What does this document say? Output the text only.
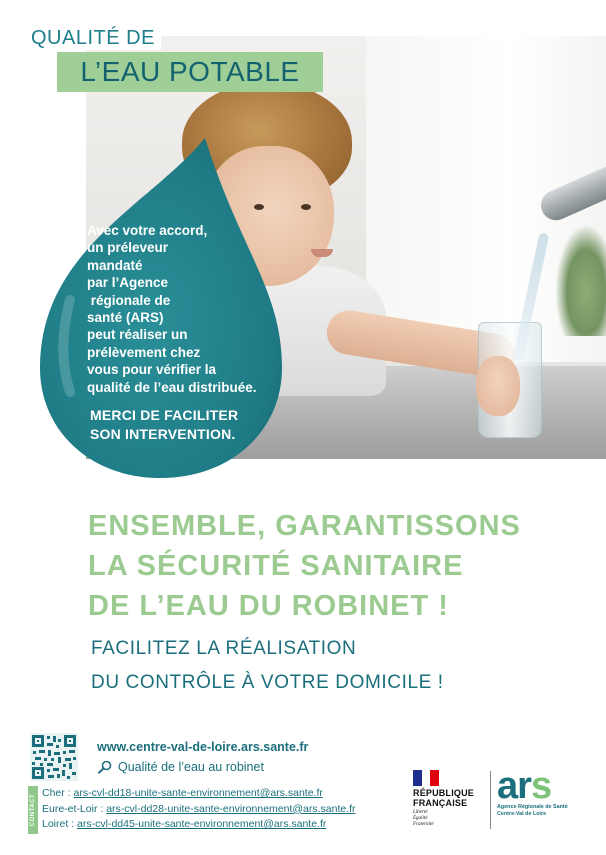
QUALITÉ DE
L’EAU POTABLE
Avec votre accord,
un préleveur
mandaté
par l’Agence
régionale de
santé (ARS)
peut réaliser un
prélèvement chez
vous pour vérifier la
qualité de l’eau distribuée.
MERCI DE FACILITER
SON INTERVENTION.
ENSEMBLE, GARANTISSONS
LA SÉCURITÉ SANITAIRE
DE L’EAU DU ROBINET !
FACILITEZ LA RÉALISATION
DU CONTRÔLE À VOTRE DOMICILE !
www.centre-val-de-loire.ars.sante.fr
Qualité de l’eau au robinet
CONTACT
Cher : ars-cvl-dd18-unite-sante-environnement@ars.sante.fr
Eure-et-Loir : ars-cvl-dd28-unite-sante-environnement@ars.sante.fr
Loiret : ars-cvl-dd45-unite-sante-environnement@ars.sante.fr
RÉPUBLIQUE
FRANÇAISE
Liberté
Égalité
Fraternité
ars
Agence Régionale de Santé
Centre-Val de Loire
